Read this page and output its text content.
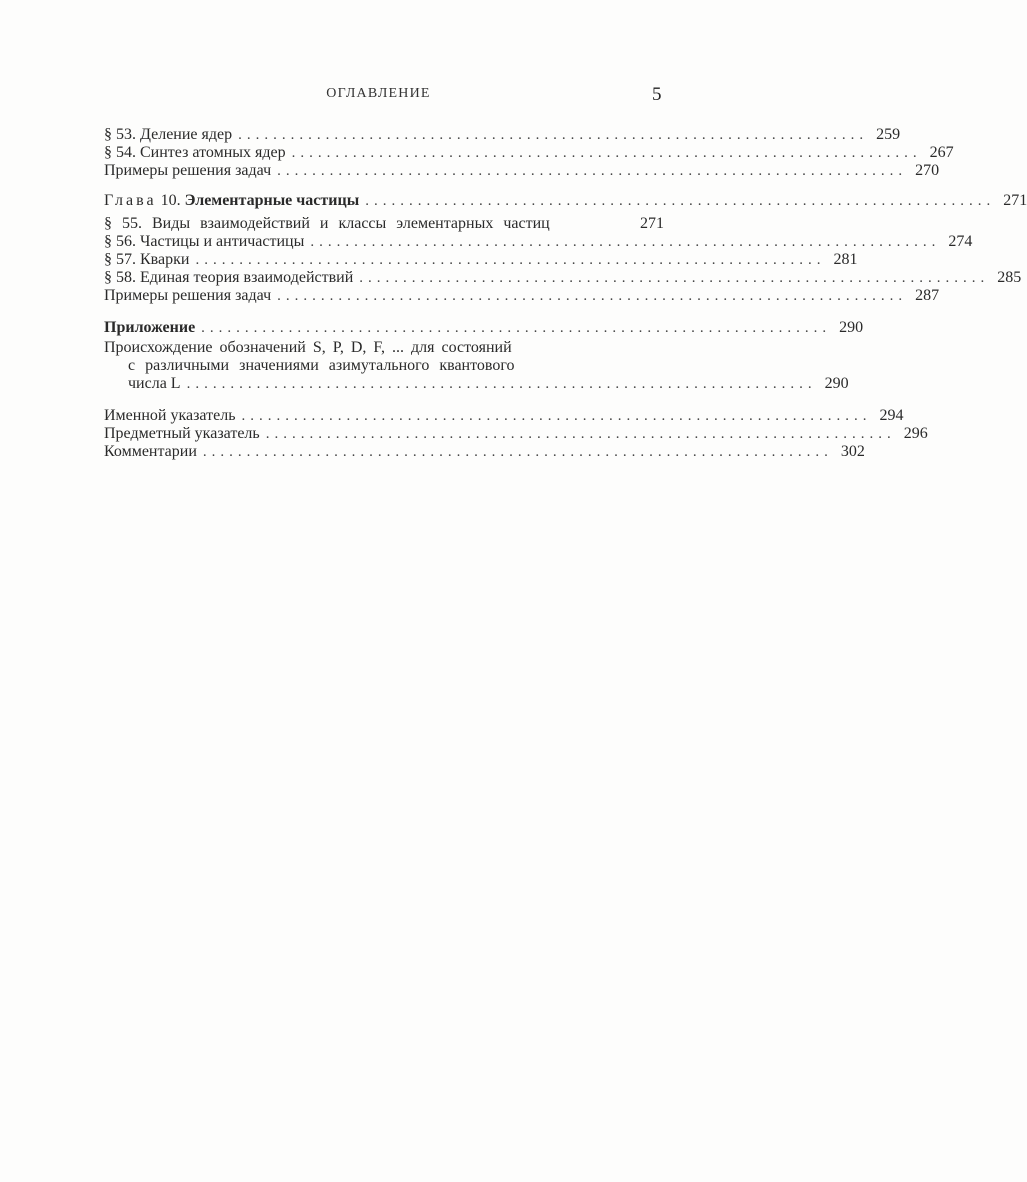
ОГЛАВЛЕНИЕ	5
§ 53. Деление ядер ........................................................................ 259
§ 54. Синтез атомных ядер ........................................................................ 267
Примеры решения задач ........................................................................ 270
Глава 10. Элементарные частицы ........................................................................ 271
§ 55. Виды взаимодействий и классы элементарных частиц	271
§ 56. Частицы и античастицы ........................................................................ 274
§ 57. Кварки ........................................................................ 281
§ 58. Единая теория взаимодействий ........................................................................ 285
Примеры решения задач ........................................................................ 287
Приложение ........................................................................ 290
Происхождение обозначений S, P, D, F, ... для состояний
с различными значениями азимутального квантового
числа L ........................................................................ 290
Именной указатель ........................................................................ 294
Предметный указатель ........................................................................ 296
Комментарии ........................................................................ 302
